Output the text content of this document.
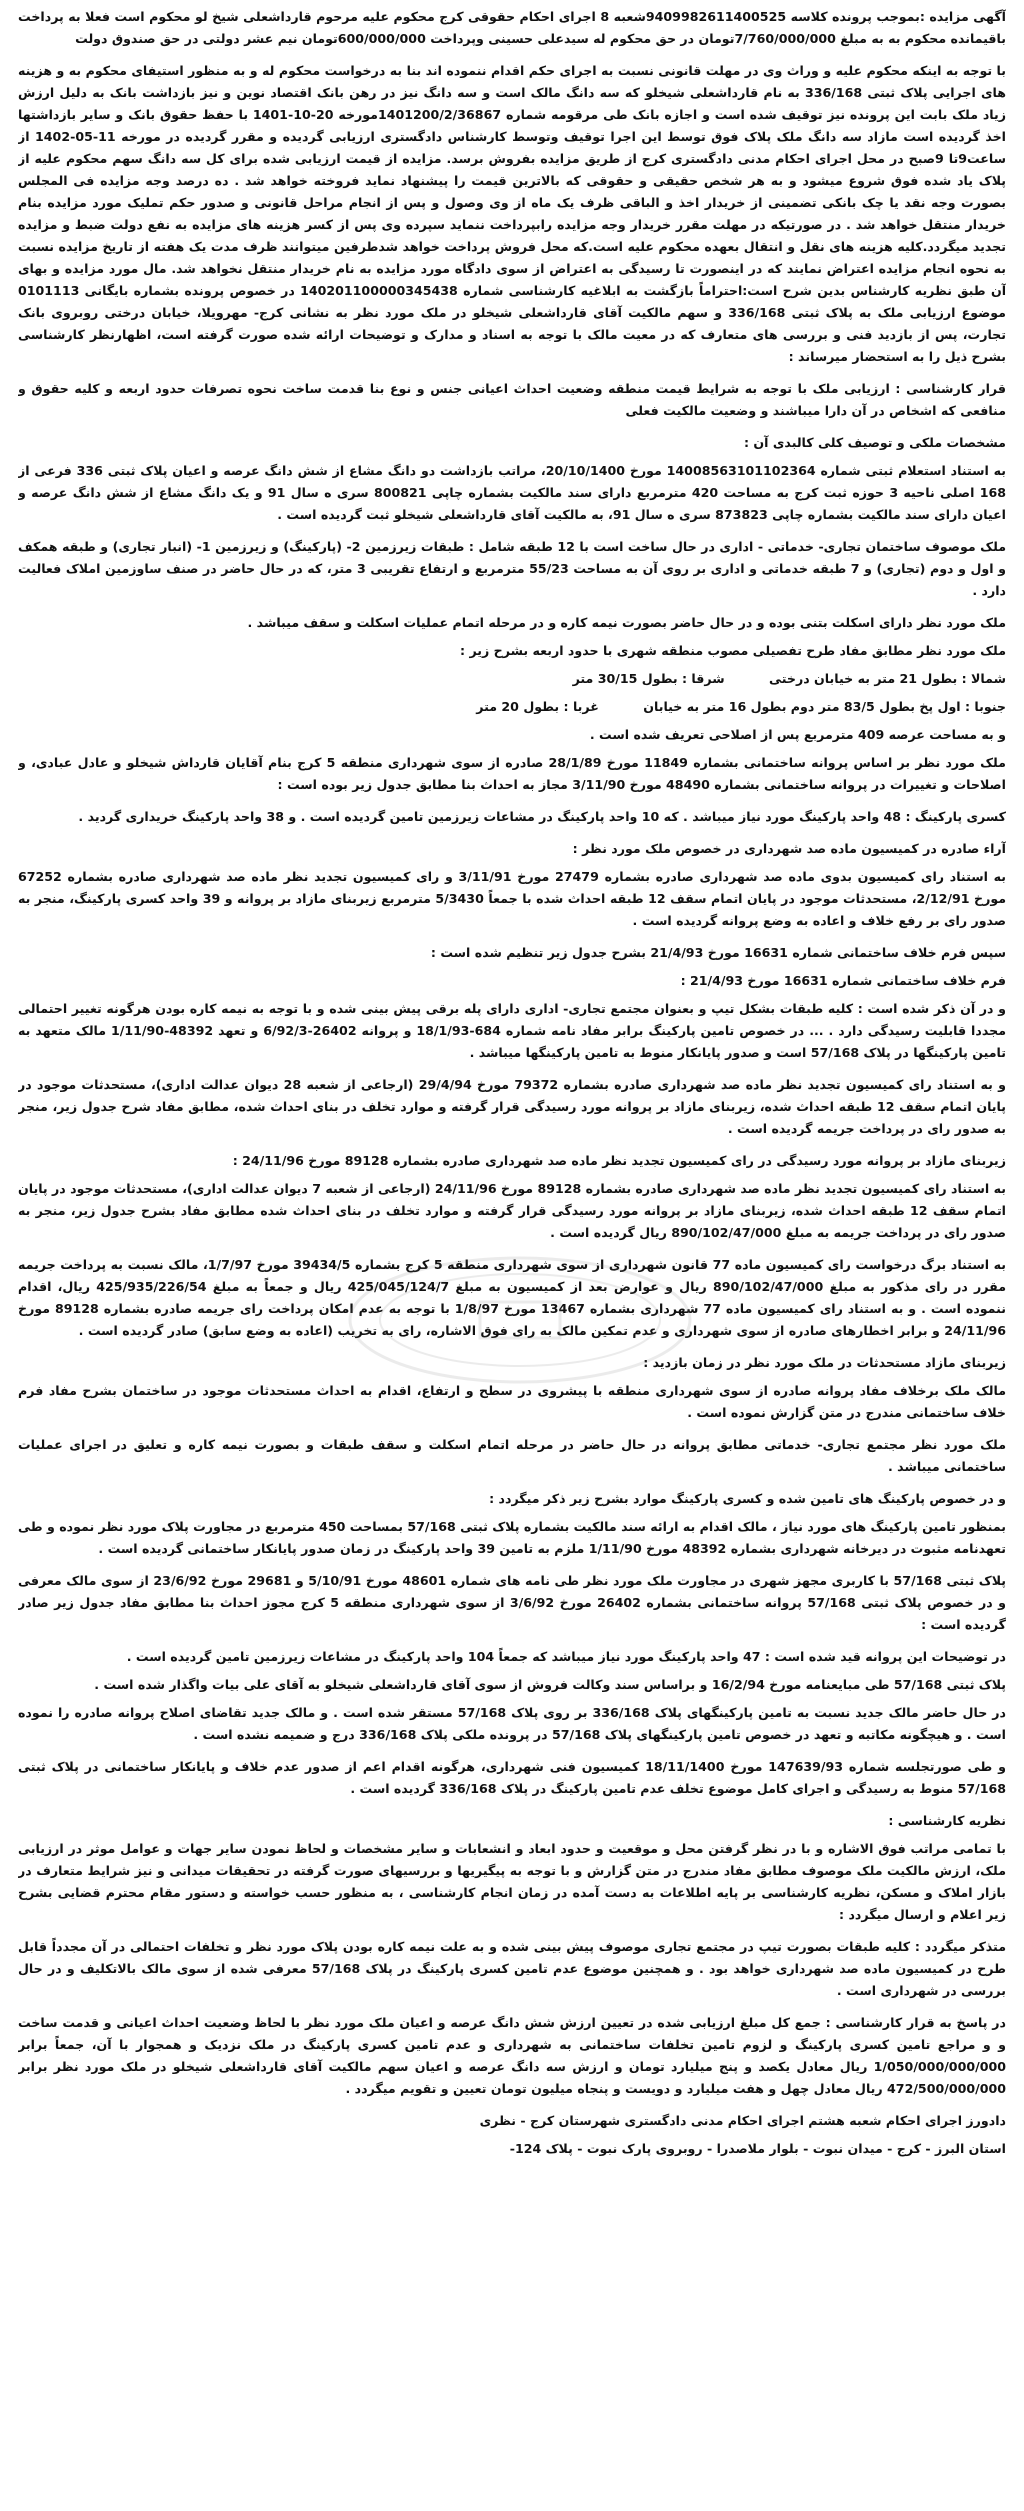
آگهی مزایده :بموجب پرونده کلاسه 9409982611400525شعبه 8 اجرای احکام حقوقی کرج محکوم علیه مرحوم قارداشعلی شیخ لو محکوم است فعلا به پرداخت باقیمانده محکوم به به مبلغ 7/760/000/000تومان در حق محکوم له سیدعلی حسینی وپرداخت 600/000/000تومان نیم عشر دولتی در حق صندوق دولت

با توجه به اینکه محکوم علیه و وراث وی در مهلت قانونی نسبت به اجرای حکم اقدام ننموده اند بنا به درخواست محکوم له و به منظور استیفای محکوم به و هزینه های اجرایی پلاک ثبتی 336/168 به نام قارداشعلی شیخلو که سه دانگ مالک است و سه دانگ نیز در رهن بانک اقتصاد نوین و نیز بازداشت بانک به دلیل ارزش زیاد ملک بابت این پرونده نیز توقیف شده است و اجازه بانک طی مرقومه شماره 1401200/2/36867مورخه 20-10-1401 با حفظ حقوق بانک و سایر بازداشتها اخذ گردیده است مازاد سه دانگ ملک پلاک فوق توسط این اجرا توقیف وتوسط کارشناس دادگستری ارزیابی گردیده و مقرر گردیده در مورخه 11-05-1402 از ساعت9تا 9صبح در محل اجرای احکام مدنی دادگستری کرج از طریق مزایده بفروش برسد. مزایده از قیمت ارزیابی شده برای کل سه دانگ سهم محکوم علیه از پلاک یاد شده فوق شروع میشود و به هر شخص حقیقی و حقوقی که بالاترین قیمت را پیشنهاد نماید فروخته خواهد شد . ده درصد وجه مزایده فی المجلس بصورت وجه نقد یا چک بانکی تضمینی از خریدار اخذ و الباقی ظرف یک ماه از وی وصول و پس از انجام مراحل قانونی و صدور حکم تملیک مورد مزایده بنام خریدار منتقل خواهد شد . در صورتیکه در مهلت مقرر خریدار وجه مزایده رابپرداخت ننماید سپرده وی پس از کسر هزینه های مزایده به نفع دولت ضبط و مزایده تجدید میگردد.کلیه هزینه های نقل و انتقال بعهده محکوم علیه است.که محل فروش پرداخت خواهد شدطرفین میتوانند ظرف مدت یک هفته از تاریخ مزایده نسبت به نحوه انجام مزایده اعتراض نمایند که در اینصورت تا رسیدگی به اعتراض از سوی دادگاه مورد مزایده به نام خریدار منتقل نخواهد شد. مال مورد مزایده و بهای آن طبق نظریه کارشناس بدین شرح است:احتراماً بازگشت به ابلاغیه کارشناسی شماره 140201100000345438 در خصوص پرونده بشماره بایگانی 0101113 موضوع ارزیابی ملک به پلاک ثبتی 336/168 و سهم مالکیت آقای قارداشعلی شیخلو در ملک مورد نظر به نشانی کرج- مهرویلا، خیابان درختی روبروی بانک تجارت، پس از بازدید فنی و بررسی های متعارف که در معیت مالک با توجه به اسناد و مدارک و توضیحات ارائه شده صورت گرفته است، اظهارنظر کارشناسی بشرح ذیل را به استحضار میرساند :

قرار کارشناسی : ارزیابی ملک با توجه به شرایط قیمت منطقه وضعیت احداث اعیانی جنس و نوع بنا قدمت ساخت نحوه تصرفات حدود اربعه و کلیه حقوق و منافعی که اشخاص در آن دارا میباشند و وضعیت مالکیت فعلی

مشخصات ملکی و توصیف کلی کالبدی آن :

به استناد استعلام ثبتی شماره 14008563101102364 مورخ 20/10/1400، مراتب بازداشت دو دانگ مشاع از شش دانگ عرصه و اعیان پلاک ثبتی 336 فرعی از 168 اصلی ناحیه 3 حوزه ثبت کرج به مساحت 420 مترمربع دارای سند مالکیت بشماره چاپی 800821 سری ه سال 91 و یک دانگ مشاع از شش دانگ عرصه و اعیان دارای سند مالکیت بشماره چاپی 873823 سری ه سال 91، به مالکیت آقای قارداشعلی شیخلو ثبت گردیده است .

ملک موصوف ساختمان تجاری- خدماتی - اداری در حال ساخت است با 12 طبقه شامل : طبقات زیرزمین 2- (پارکینگ) و زیرزمین 1- (انبار تجاری) و طبقه همکف و اول و دوم (تجاری) و 7 طبقه خدماتی و اداری بر روی آن به مساحت 55/23 مترمربع و ارتفاع تقریبی 3 متر، که در حال حاضر در صنف ساوزمین املاک فعالیت دارد .

ملک مورد نظر دارای اسکلت بتنی بوده و در حال حاضر بصورت نیمه کاره و در مرحله اتمام عملیات اسکلت و سقف میباشد .

ملک مورد نظر مطابق مفاد طرح تفصیلی مصوب منطقه شهری با حدود اربعه بشرح زیر :

شمالا : بطول 21 متر به خیابان درختی شرقا : بطول 30/15 متر
جنوبا : اول پخ بطول 83/5 متر دوم بطول 16 متر به خیابان غربا : بطول 20 متر

و به مساحت عرصه 409 مترمربع پس از اصلاحی تعریف شده است .

ملک مورد نظر بر اساس پروانه ساختمانی بشماره 11849 مورخ 28/1/89 صادره از سوی شهرداری منطقه 5 کرج بنام آقایان قارداش شیخلو و عادل عبادی، و اصلاحات و تغییرات در پروانه ساختمانی بشماره 48490 مورخ 3/11/90 مجاز به احداث بنا مطابق جدول زیر بوده است :

کسری پارکینگ : 48 واحد پارکینگ مورد نیاز میباشد . که 10 واحد پارکینگ در مشاعات زیرزمین تامین گردیده است . و 38 واحد پارکینگ خریداری گردید .

آراء صادره در کمیسیون ماده صد شهرداری در خصوص ملک مورد نظر :

به استناد رای کمیسیون بدوی ماده صد شهرداری صادره بشماره 27479 مورخ 3/11/91 و رای کمیسیون تجدید نظر ماده صد شهرداری صادره بشماره 67252 مورخ 2/12/91، مستحدثات موجود در پایان اتمام سقف 12 طبقه احداث شده با جمعاً 5/3430 مترمربع زیربنای مازاد بر پروانه و 39 واحد کسری پارکینگ، منجر به صدور رای بر رفع خلاف و اعاده به وضع پروانه گردیده است .

سپس فرم خلاف ساختمانی شماره 16631 مورخ 21/4/93 بشرح جدول زیر تنظیم شده است :

فرم خلاف ساختمانی شماره 16631 مورخ 21/4/93 :

و در آن ذکر شده است : کلیه طبقات بشکل تیپ و بعنوان مجتمع تجاری- اداری دارای پله برقی پیش بینی شده و با توجه به نیمه کاره بودن هرگونه تغییر احتمالی مجددا قابلیت رسیدگی دارد . ... در خصوص تامین پارکینگ برابر مفاد نامه شماره 684-18/1/93 و پروانه 26402-6/92/3 و تعهد 48392-1/11/90 مالک متعهد به تامین پارکینگها در پلاک 57/168 است و صدور پایانکار منوط به تامین پارکینگها میباشد .

و به استناد رای کمیسیون تجدید نظر ماده صد شهرداری صادره بشماره 79372 مورخ 29/4/94 (ارجاعی از شعبه 28 دیوان عدالت اداری)، مستحدثات موجود در پایان اتمام سقف 12 طبقه احداث شده، زیربنای مازاد بر پروانه مورد رسیدگی قرار گرفته و موارد تخلف در بنای احداث شده، مطابق مفاد شرح جدول زیر، منجر به صدور رای در پرداخت جریمه گردیده است .

زیربنای مازاد بر پروانه مورد رسیدگی در رای کمیسیون تجدید نظر ماده صد شهرداری صادره بشماره 89128 مورخ 24/11/96 :

به استناد رای کمیسیون تجدید نظر ماده صد شهرداری صادره بشماره 89128 مورخ 24/11/96 (ارجاعی از شعبه 7 دیوان عدالت اداری)، مستحدثات موجود در پایان اتمام سقف 12 طبقه احداث شده، زیربنای مازاد بر پروانه مورد رسیدگی قرار گرفته و موارد تخلف در بنای احداث شده مطابق مفاد بشرح جدول زیر، منجر به صدور رای در پرداخت جریمه به مبلغ 890/102/47/000 ریال گردیده است .

به استناد برگ درخواست رای کمیسیون ماده 77 قانون شهرداری از سوی شهرداری منطقه 5 کرج بشماره 39434/5 مورخ 1/7/97، مالک نسبت به پرداخت جریمه مقرر در رای مذکور به مبلغ 890/102/47/000 ریال و عوارض بعد از کمیسیون به مبلغ 425/045/124/7 ریال و جمعاً به مبلغ 425/935/226/54 ریال، اقدام ننموده است . و به استناد رای کمیسیون ماده 77 شهرداری بشماره 13467 مورخ 1/8/97 با توجه به عدم امکان پرداخت رای جریمه صادره بشماره 89128 مورخ 24/11/96 و برابر اخطارهای صادره از سوی شهرداری و عدم تمکین مالک به رای فوق الاشاره، رای به تخریب (اعاده به وضع سابق) صادر گردیده است .

زیربنای مازاد مستحدثات در ملک مورد نظر در زمان بازدید :

مالک ملک برخلاف مفاد پروانه صادره از سوی شهرداری منطقه با پیشروی در سطح و ارتفاع، اقدام به احداث مستحدثات موجود در ساختمان بشرح مفاد فرم خلاف ساختمانی مندرج در متن گزارش نموده است .

ملک مورد نظر مجتمع تجاری- خدماتی مطابق پروانه در حال حاضر در مرحله اتمام اسکلت و سقف طبقات و بصورت نیمه کاره و تعلیق در اجرای عملیات ساختمانی میباشد .

و در خصوص پارکینگ های تامین شده و کسری پارکینگ موارد بشرح زیر ذکر میگردد :

بمنظور تامین پارکینگ های مورد نیاز ، مالک اقدام به ارائه سند مالکیت بشماره پلاک ثبتی 57/168 بمساحت 450 مترمربع در مجاورت پلاک مورد نظر نموده و طی تعهدنامه مثبوت در دیرخانه شهرداری بشماره 48392 مورخ 1/11/90 ملزم به تامین 39 واحد پارکینگ در زمان صدور پایانکار ساختمانی گردیده است .

پلاک ثبتی 57/168 با کاربری مجهز شهری در مجاورت ملک مورد نظر طی نامه های شماره 48601 مورخ 5/10/91 و 29681 مورخ 23/6/92 از سوی مالک معرفی و در خصوص پلاک ثبتی 57/168 پروانه ساختمانی بشماره 26402 مورخ 3/6/92 از سوی شهرداری منطقه 5 کرج مجوز احداث بنا مطابق مفاد جدول زیر صادر گردیده است :

در توضیحات این پروانه قید شده است : 47 واحد پارکینگ مورد نیاز میباشد که جمعاً 104 واحد پارکینگ در مشاعات زیرزمین تامین گردیده است .

پلاک ثبتی 57/168 طی مبایعنامه مورخ 16/2/94 و براساس سند وکالت فروش از سوی آقای قارداشعلی شیخلو به آقای علی بیات واگذار شده است .

در حال حاضر مالک جدید نسبت به تامین پارکینگهای پلاک 336/168 بر روی پلاک 57/168 مستقر شده است . و مالک جدید تقاضای اصلاح پروانه صادره را نموده است . و هیچگونه مکاتبه و تعهد در خصوص تامین پارکینگهای پلاک 57/168 در پرونده ملکی پلاک 336/168 درج و ضمیمه نشده است .

و طی صورتجلسه شماره 147639/93 مورخ 18/11/1400 کمیسیون فنی شهرداری، هرگونه اقدام اعم از صدور عدم خلاف و پایانکار ساختمانی در پلاک ثبتی 57/168 منوط به رسیدگی و اجرای کامل موضوع تخلف عدم تامین پارکینگ در پلاک 336/168 گردیده است .

نظریه کارشناسی :

با تمامی مراتب فوق الاشاره و با در نظر گرفتن محل و موقعیت و حدود ابعاد و انشعابات و سایر مشخصات و لحاظ نمودن سایر جهات و عوامل موثر در ارزیابی ملک، ارزش مالکیت ملک موصوف مطابق مفاد مندرج در متن گزارش و با توجه به پیگیریها و بررسیهای صورت گرفته در تحقیقات میدانی و نیز شرایط متعارف در بازار املاک و مسکن، نظریه کارشناسی بر پایه اطلاعات به دست آمده در زمان انجام کارشناسی ، به منظور حسب خواسته و دستور مقام محترم قضایی بشرح زیر اعلام و ارسال میگردد :

متذکر میگردد : کلیه طبقات بصورت تیپ در مجتمع تجاری موصوف پیش بینی شده و به علت نیمه کاره بودن پلاک مورد نظر و تخلفات احتمالی در آن مجدداً قابل طرح در کمیسیون ماده صد شهرداری خواهد بود . و همچنین موضوع عدم تامین کسری پارکینگ در پلاک 57/168 معرفی شده از سوی مالک بالاتکلیف و در حال بررسی در شهرداری است .

در پاسخ به قرار کارشناسی : جمع کل مبلغ ارزیابی شده در تعیین ارزش شش دانگ عرصه و اعیان ملک مورد نظر با لحاظ وضعیت احداث اعیانی و قدمت ساخت و و مراجع تامین کسری پارکینگ و لزوم تامین تخلفات ساختمانی به شهرداری و عدم تامین کسری پارکینگ در ملک نزدیک و همجوار با آن، جمعاً برابر 1/050/000/000/000 ریال معادل یکصد و پنج میلیارد تومان و ارزش سه دانگ عرصه و اعیان سهم مالکیت آقای قارداشعلی شیخلو در ملک مورد نظر برابر 472/500/000/000 ریال معادل چهل و هفت میلیارد و دویست و پنجاه میلیون تومان تعیین و تقویم میگردد .

دادورز اجرای احکام شعبه هشتم اجرای احکام مدنی دادگستری شهرستان کرج - نظری

استان البرز - کرج - میدان نبوت - بلوار ملاصدرا - روبروی پارک نبوت - پلاک 124-
